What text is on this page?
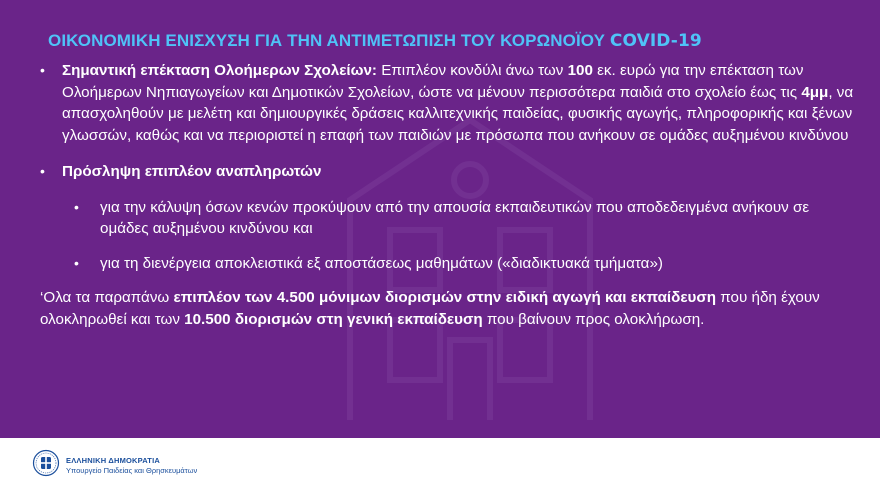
ΟΙΚΟΝΟΜΙΚΗ ΕΝΙΣΧΥΣΗ ΓΙΑ ΤΗΝ ΑΝΤΙΜΕΤΩΠΙΣΗ ΤΟΥ ΚΟΡΩΝΟΪΟΥ COVID-19
•	Σημαντική επέκταση Ολοήμερων Σχολείων: Επιπλέον κονδύλι άνω των 100 εκ. ευρώ για την επέκταση των Ολοήμερων Νηπιαγωγείων και Δημοτικών Σχολείων, ώστε να μένουν περισσότερα παιδιά στο σχολείο έως τις 4μμ, να απασχοληθούν με μελέτη και δημιουργικές δράσεις καλλιτεχνικής παιδείας, φυσικής αγωγής, πληροφορικής και ξένων γλωσσών, καθώς και να περιοριστεί η επαφή των παιδιών με πρόσωπα που ανήκουν σε ομάδες αυξημένου κινδύνου
•	Πρόσληψη επιπλέον αναπληρωτών
•	για την κάλυψη όσων κενών προκύψουν από την απουσία εκπαιδευτικών που αποδεδειγμένα ανήκουν σε ομάδες αυξημένου κινδύνου και
•	για τη διενέργεια αποκλειστικά εξ αποστάσεως μαθημάτων («διαδικτυακά τμήματα»)
‘Ολα τα παραπάνω επιπλέον των 4.500 μόνιμων διορισμών στην ειδική αγωγή και εκπαίδευση που ήδη έχουν ολοκληρωθεί και των 10.500 διορισμών στη γενική εκπαίδευση που βαίνουν προς ολοκλήρωση.
ΕΛΛΗΝΙΚΗ ΔΗΜΟΚΡΑΤΙΑ
Υπουργείο Παιδείας και Θρησκευμάτων
